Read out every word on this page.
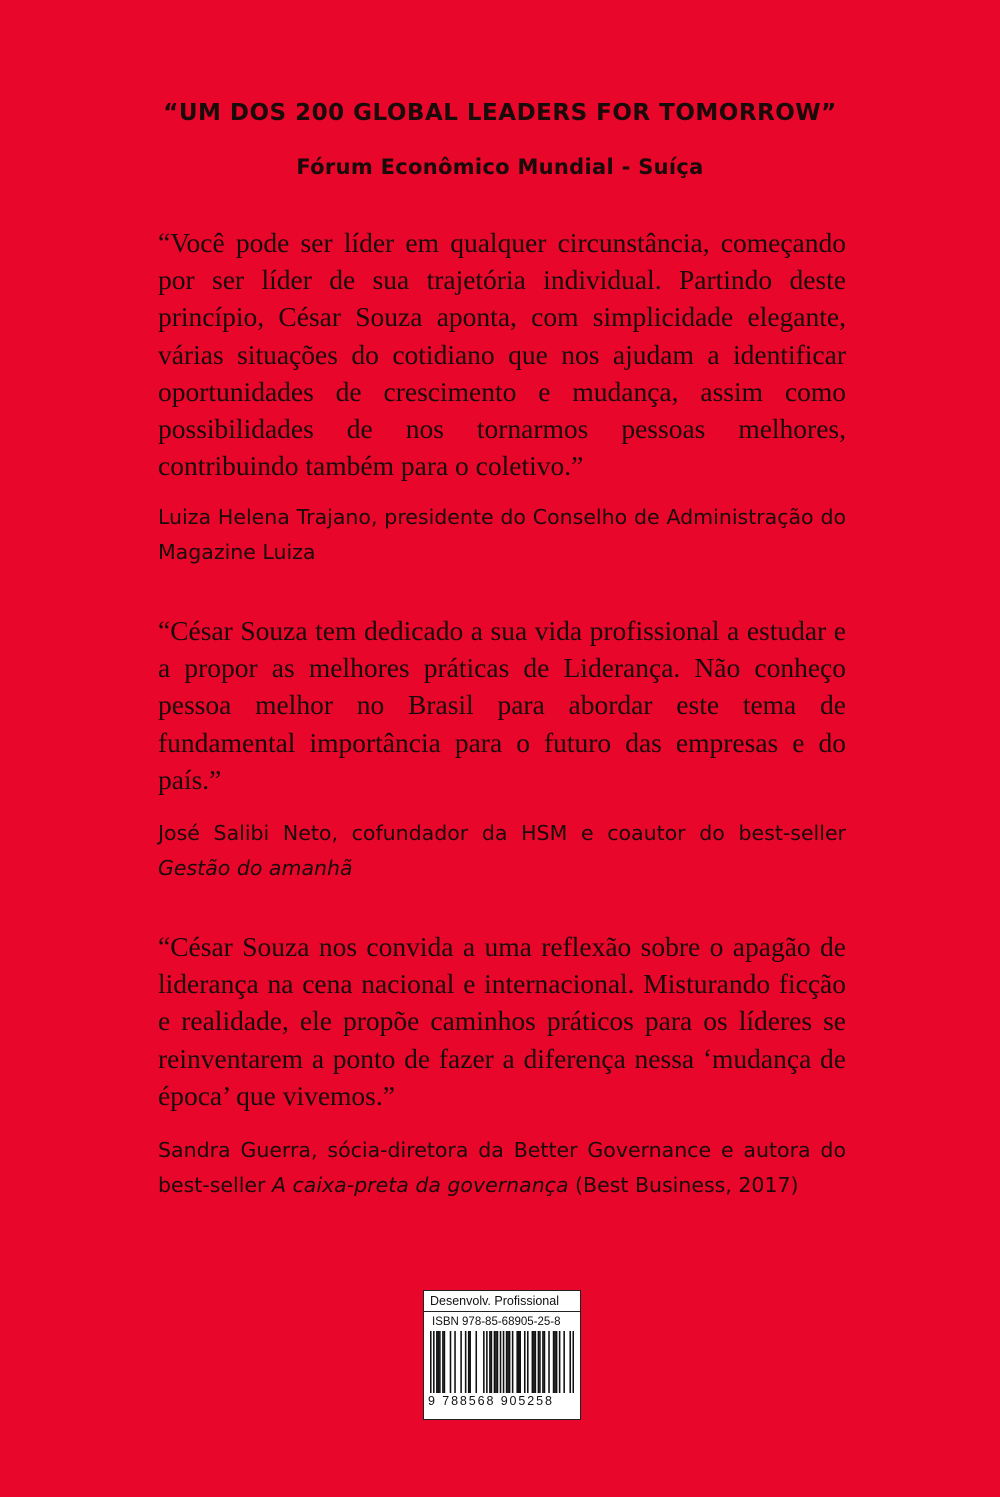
“UM DOS 200 GLOBAL LEADERS FOR TOMORROW”
Fórum Econômico Mundial - Suíça
“Você pode ser líder em qualquer circunstância, começando por ser líder de sua trajetória individual. Partindo deste princípio, César Souza aponta, com simplicidade elegante, várias situações do cotidiano que nos ajudam a identificar oportunidades de crescimento e mudança, assim como possibilidades de nos tornarmos pessoas melhores, contribuindo também para o coletivo.”
Luiza Helena Trajano, presidente do Conselho de Administração do Magazine Luiza
“César Souza tem dedicado a sua vida profissional a estudar e a propor as melhores práticas de Liderança. Não conheço pessoa melhor no Brasil para abordar este tema de fundamental importância para o futuro das empresas e do país.”
José Salibi Neto, cofundador da HSM e coautor do best-seller Gestão do amanhã
“César Souza nos convida a uma reflexão sobre o apagão de liderança na cena nacional e internacional. Misturando ficção e realidade, ele propõe caminhos práticos para os líderes se reinventarem a ponto de fazer a diferença nessa ‘mudança de época’ que vivemos.”
Sandra Guerra, sócia-diretora da Better Governance e autora do best-seller A caixa-preta da governança (Best Business, 2017)
Desenvolv. Profissional
ISBN 978-85-68905-25-8
9 788568 905258
